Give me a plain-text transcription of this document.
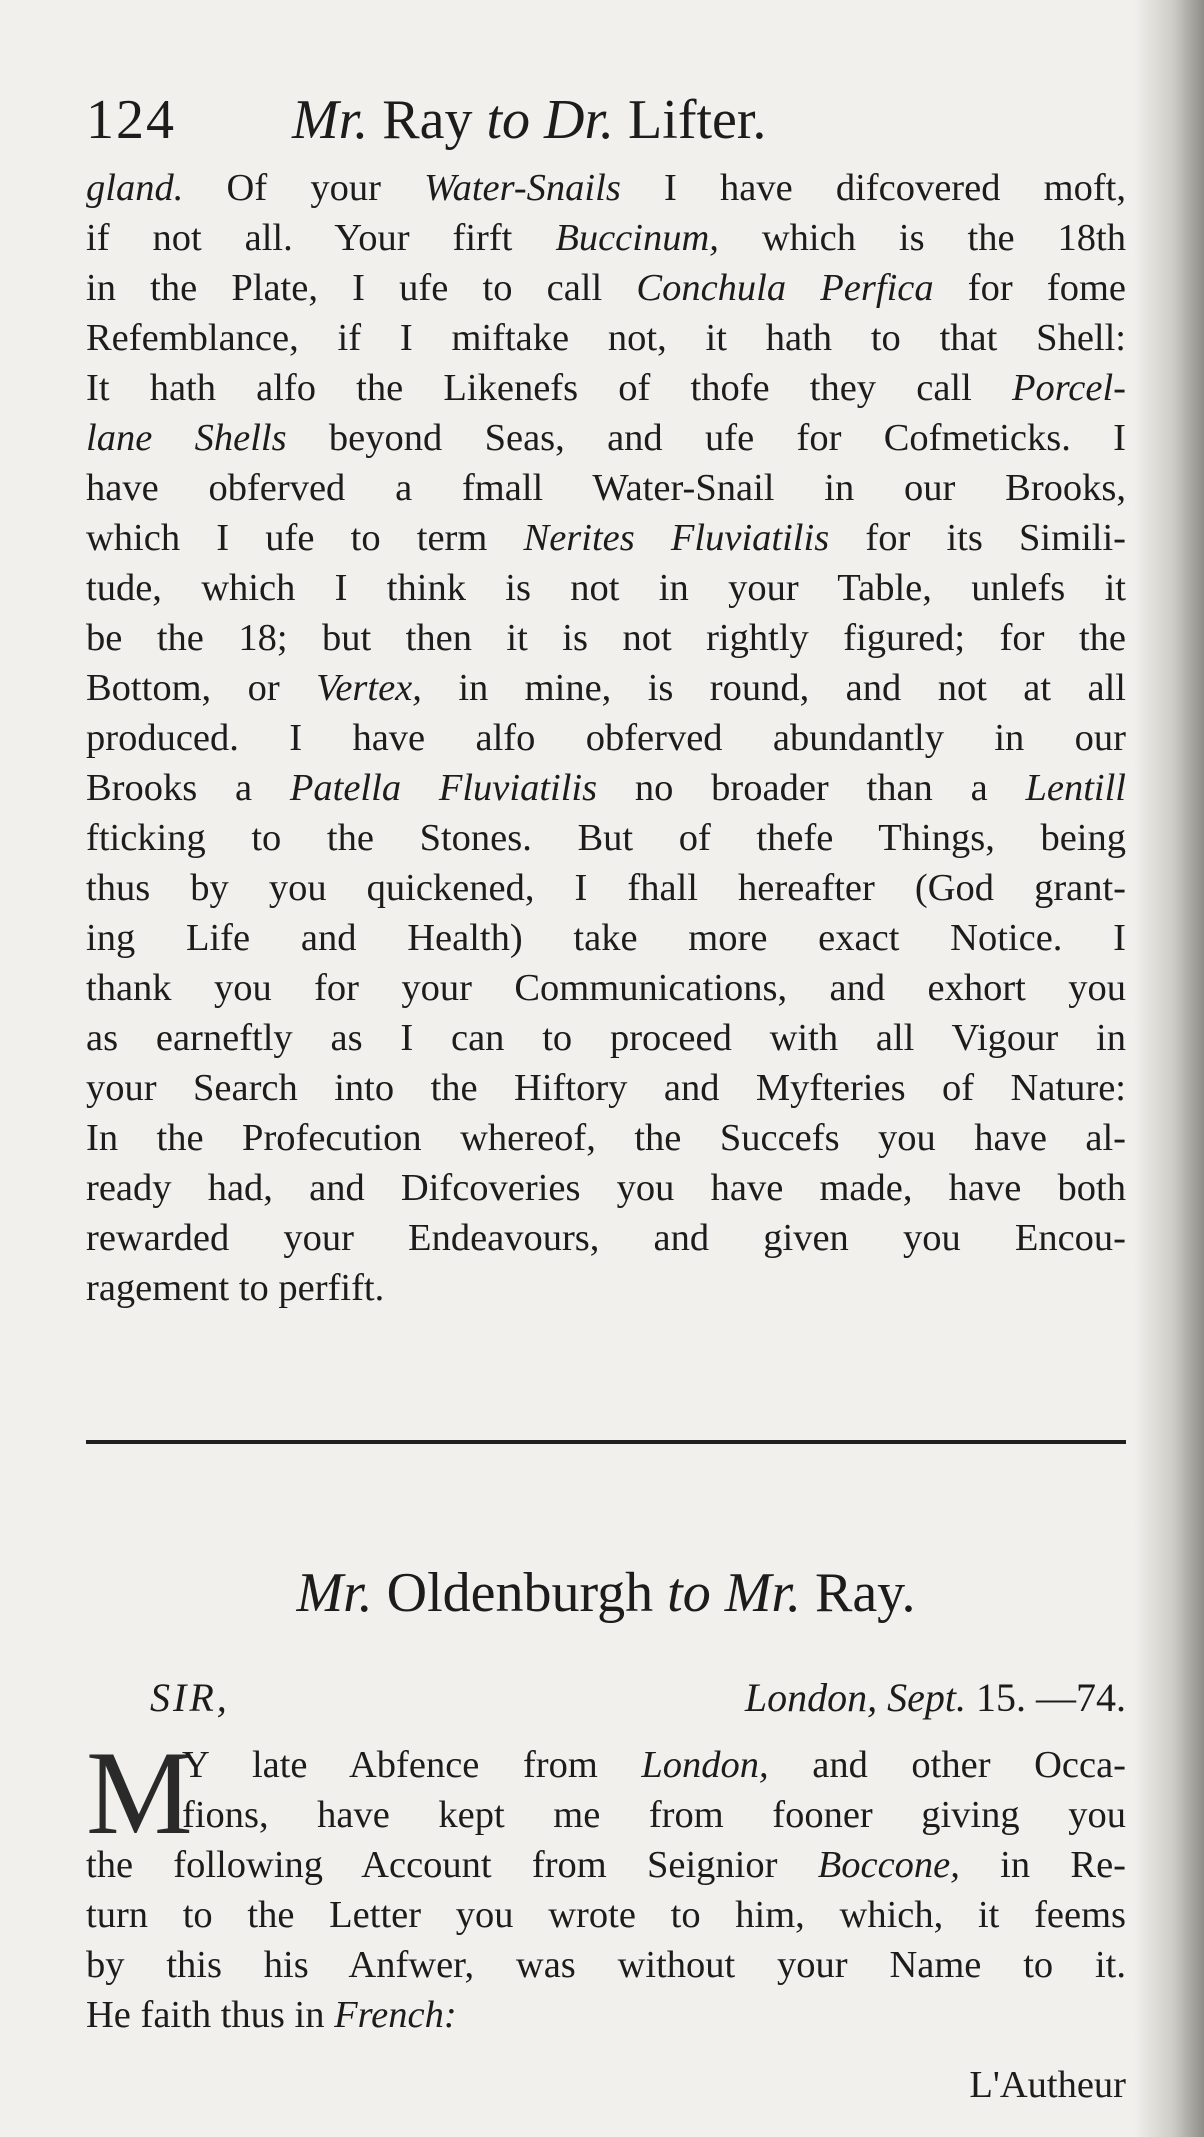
124 Mr. Ray to Dr. Lifter.
gland. Of your Water-Snails I have difcovered moft,
if not all. Your firft Buccinum, which is the 18th
in the Plate, I ufe to call Conchula Perfica for fome
Refemblance, if I miftake not, it hath to that Shell:
It hath alfo the Likenefs of thofe they call Porcel-
lane Shells beyond Seas, and ufe for Cofmeticks. I
have obferved a fmall Water-Snail in our Brooks,
which I ufe to term Nerites Fluviatilis for its Simili-
tude, which I think is not in your Table, unlefs it
be the 18; but then it is not rightly figured; for the
Bottom, or Vertex, in mine, is round, and not at all
produced. I have alfo obferved abundantly in our
Brooks a Patella Fluviatilis no broader than a Lentill
fticking to the Stones. But of thefe Things, being
thus by you quickened, I fhall hereafter (God grant-
ing Life and Health) take more exact Notice. I
thank you for your Communications, and exhort you
as earneftly as I can to proceed with all Vigour in
your Search into the Hiftory and Myfteries of Nature:
In the Profecution whereof, the Succefs you have al-
ready had, and Difcoveries you have made, have both
rewarded your Endeavours, and given you Encou-
ragement to perfift.
Mr. Oldenburgh to Mr. Ray.
SIR,	London, Sept. 15. —74.
M
Y late Abfence from London, and other Occa-
fions, have kept me from fooner giving you
the following Account from Seignior Boccone, in Re-
turn to the Letter you wrote to him, which, it feems
by this his Anfwer, was without your Name to it.
He faith thus in French:
L'Autheur
